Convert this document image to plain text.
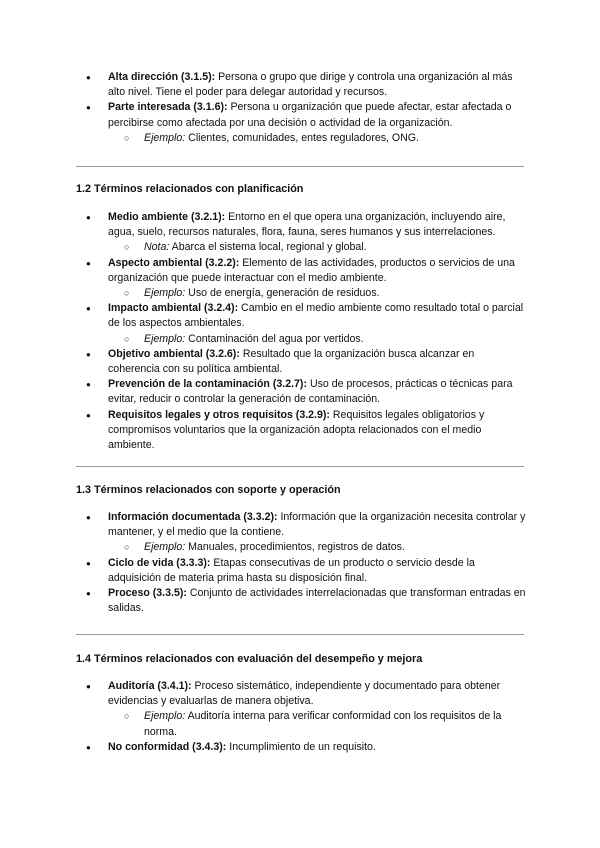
● Alta dirección (3.1.5): Persona o grupo que dirige y controla una organización al más alto nivel. Tiene el poder para delegar autoridad y recursos.
● Parte interesada (3.1.6): Persona u organización que puede afectar, estar afectada o percibirse como afectada por una decisión o actividad de la organización.
○ Ejemplo: Clientes, comunidades, entes reguladores, ONG.
1.2 Términos relacionados con planificación
● Medio ambiente (3.2.1): Entorno en el que opera una organización, incluyendo aire, agua, suelo, recursos naturales, flora, fauna, seres humanos y sus interrelaciones.
○ Nota: Abarca el sistema local, regional y global.
● Aspecto ambiental (3.2.2): Elemento de las actividades, productos o servicios de una organización que puede interactuar con el medio ambiente.
○ Ejemplo: Uso de energía, generación de residuos.
● Impacto ambiental (3.2.4): Cambio en el medio ambiente como resultado total o parcial de los aspectos ambientales.
○ Ejemplo: Contaminación del agua por vertidos.
● Objetivo ambiental (3.2.6): Resultado que la organización busca alcanzar en coherencia con su política ambiental.
● Prevención de la contaminación (3.2.7): Uso de procesos, prácticas o técnicas para evitar, reducir o controlar la generación de contaminación.
● Requisitos legales y otros requisitos (3.2.9): Requisitos legales obligatorios y compromisos voluntarios que la organización adopta relacionados con el medio ambiente.
1.3 Términos relacionados con soporte y operación
● Información documentada (3.3.2): Información que la organización necesita controlar y mantener, y el medio que la contiene.
○ Ejemplo: Manuales, procedimientos, registros de datos.
● Ciclo de vida (3.3.3): Etapas consecutivas de un producto o servicio desde la adquisición de materia prima hasta su disposición final.
● Proceso (3.3.5): Conjunto de actividades interrelacionadas que transforman entradas en salidas.
1.4 Términos relacionados con evaluación del desempeño y mejora
● Auditoría (3.4.1): Proceso sistemático, independiente y documentado para obtener evidencias y evaluarlas de manera objetiva.
○ Ejemplo: Auditoría interna para verificar conformidad con los requisitos de la norma.
● No conformidad (3.4.3): Incumplimiento de un requisito.
